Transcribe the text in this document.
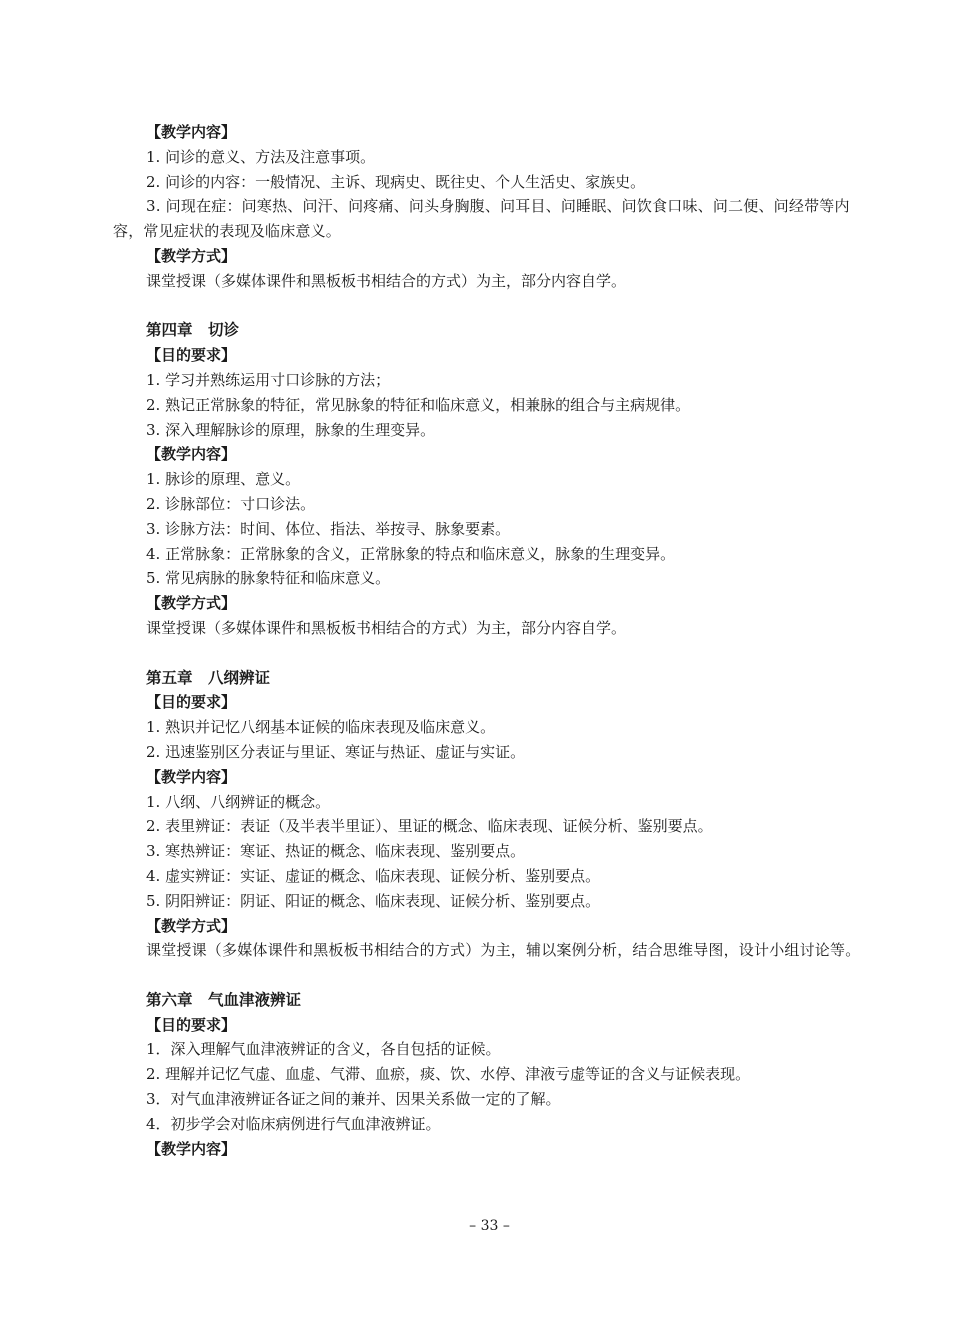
【教学内容】
1. 问诊的意义、方法及注意事项。
2. 问诊的内容：一般情况、主诉、现病史、既往史、个人生活史、家族史。
3. 问现在症：问寒热、问汗、问疼痛、问头身胸腹、问耳目、问睡眠、问饮食口味、问二便、问经带等内容，常见症状的表现及临床意义。
【教学方式】
课堂授课（多媒体课件和黑板板书相结合的方式）为主，部分内容自学。
第四章　切诊
【目的要求】
1. 学习并熟练运用寸口诊脉的方法；
2. 熟记正常脉象的特征，常见脉象的特征和临床意义，相兼脉的组合与主病规律。
3. 深入理解脉诊的原理，脉象的生理变异。
【教学内容】
1. 脉诊的原理、意义。
2. 诊脉部位：寸口诊法。
3. 诊脉方法：时间、体位、指法、举按寻、脉象要素。
4. 正常脉象：正常脉象的含义，正常脉象的特点和临床意义，脉象的生理变异。
5. 常见病脉的脉象特征和临床意义。
【教学方式】
课堂授课（多媒体课件和黑板板书相结合的方式）为主，部分内容自学。
第五章　八纲辨证
【目的要求】
1. 熟识并记忆八纲基本证候的临床表现及临床意义。
2. 迅速鉴别区分表证与里证、寒证与热证、虚证与实证。
【教学内容】
1. 八纲、八纲辨证的概念。
2. 表里辨证：表证（及半表半里证）、里证的概念、临床表现、证候分析、鉴别要点。
3. 寒热辨证：寒证、热证的概念、临床表现、鉴别要点。
4. 虚实辨证：实证、虚证的概念、临床表现、证候分析、鉴别要点。
5. 阴阳辨证：阴证、阳证的概念、临床表现、证候分析、鉴别要点。
【教学方式】
课堂授课（多媒体课件和黑板板书相结合的方式）为主，辅以案例分析，结合思维导图，设计小组讨论等。
第六章　气血津液辨证
【目的要求】
1．深入理解气血津液辨证的含义，各自包括的证候。
2. 理解并记忆气虚、血虚、气滞、血瘀，痰、饮、水停、津液亏虚等证的含义与证候表现。
3．对气血津液辨证各证之间的兼并、因果关系做一定的了解。
4．初步学会对临床病例进行气血津液辨证。
【教学内容】
– 33 –
